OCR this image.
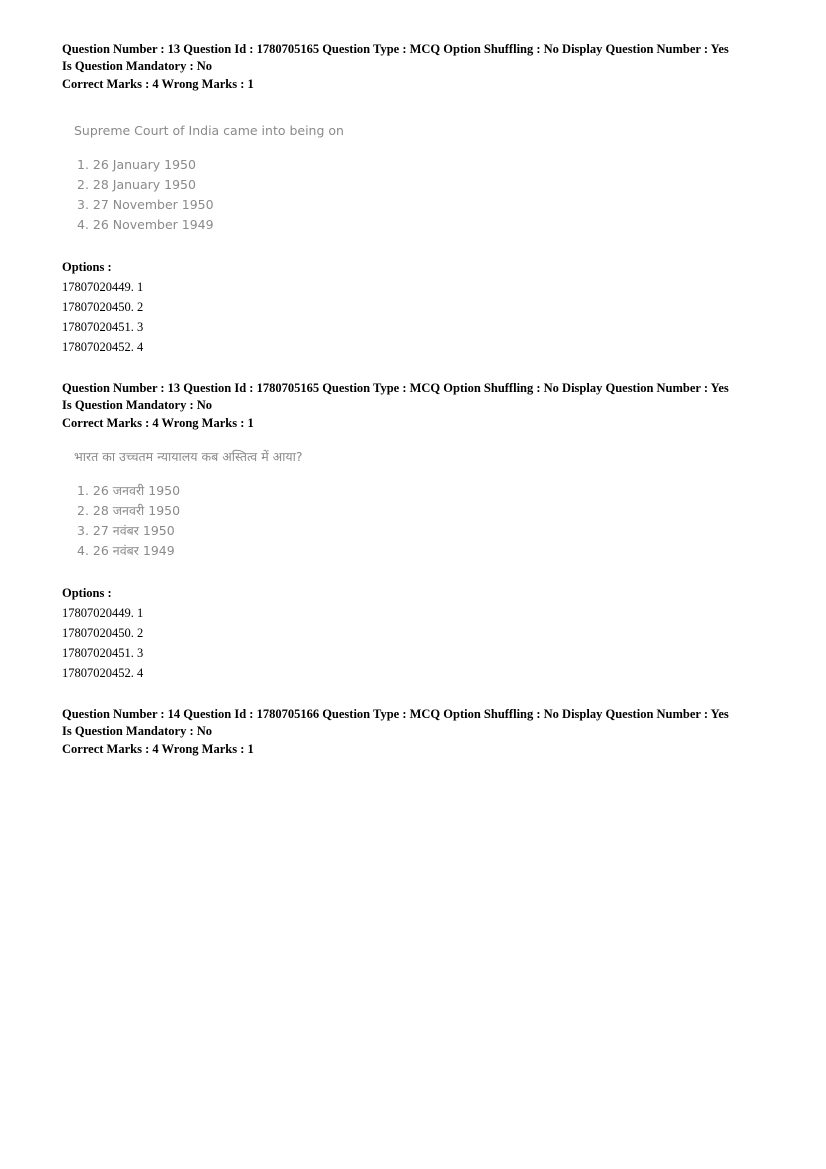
Question Number : 13 Question Id : 1780705165 Question Type : MCQ Option Shuffling : No Display Question Number : Yes
Is Question Mandatory : No
Correct Marks : 4 Wrong Marks : 1
Supreme Court of India came into being on
1. 26 January 1950
2. 28 January 1950
3. 27 November 1950
4. 26 November 1949
Options :
17807020449. 1
17807020450. 2
17807020451. 3
17807020452. 4
Question Number : 13 Question Id : 1780705165 Question Type : MCQ Option Shuffling : No Display Question Number : Yes
Is Question Mandatory : No
Correct Marks : 4 Wrong Marks : 1
भारत का उच्चतम न्यायालय कब अस्तित्व में आया?
1. 26 जनवरी 1950
2. 28 जनवरी 1950
3. 27 नवंबर 1950
4. 26 नवंबर 1949
Options :
17807020449. 1
17807020450. 2
17807020451. 3
17807020452. 4
Question Number : 14 Question Id : 1780705166 Question Type : MCQ Option Shuffling : No Display Question Number : Yes
Is Question Mandatory : No
Correct Marks : 4 Wrong Marks : 1
